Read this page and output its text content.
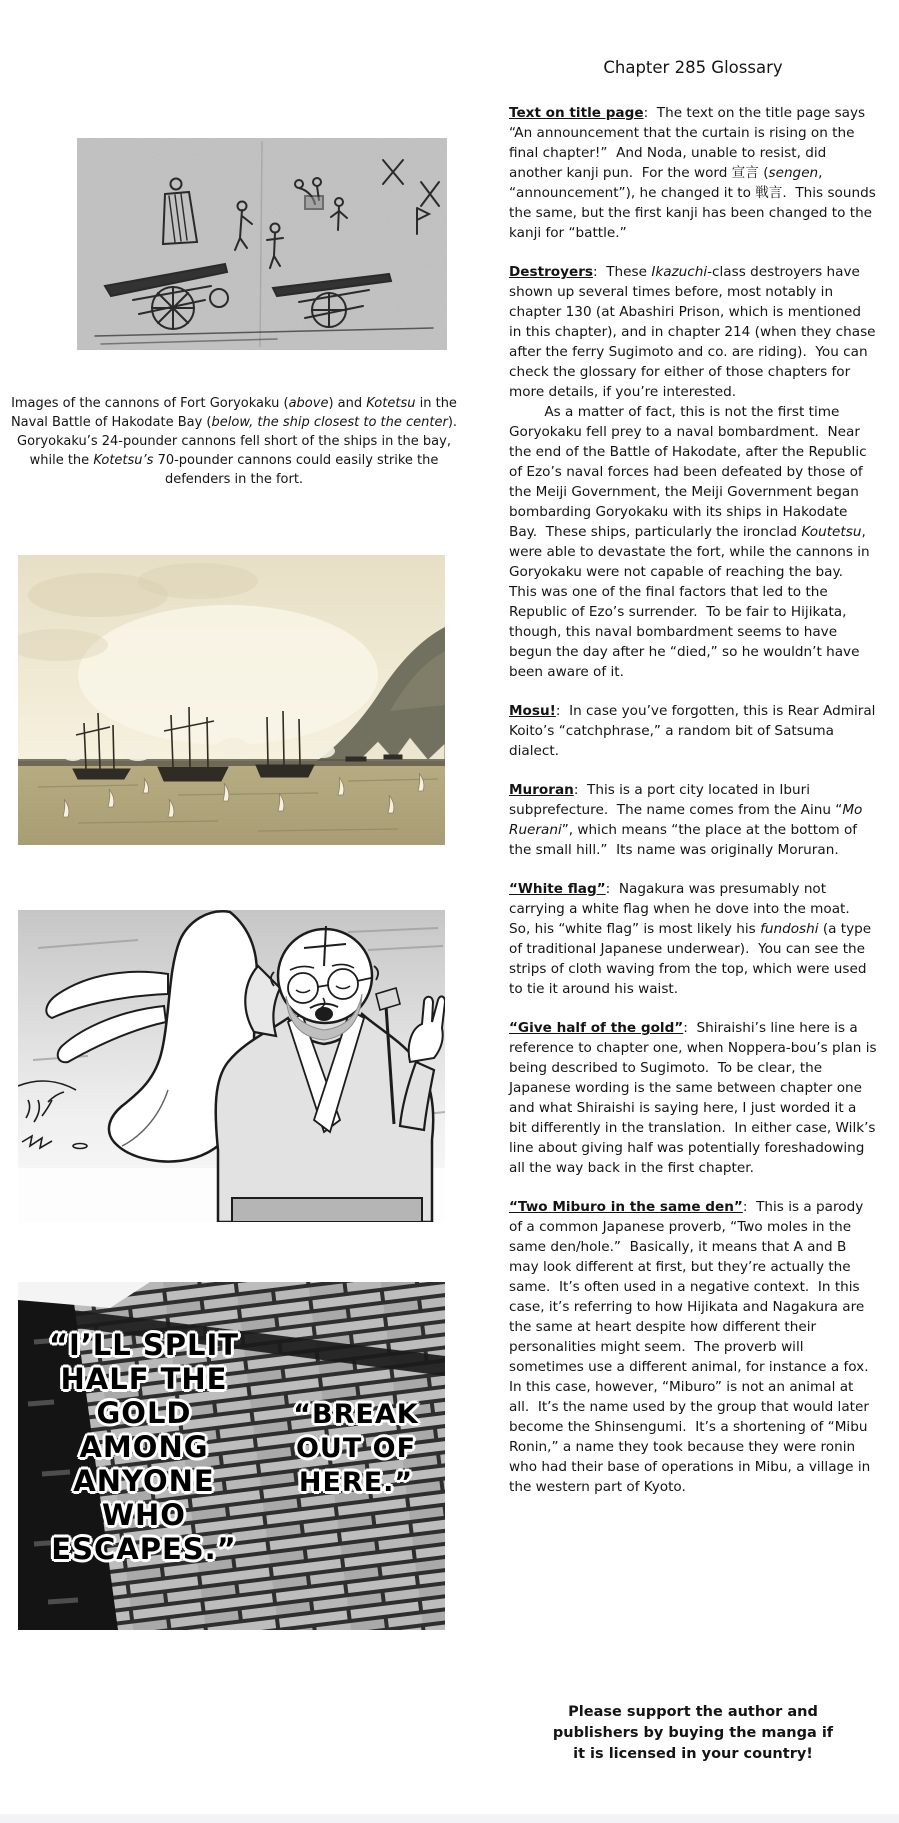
Chapter 285 Glossary
Images of the cannons of Fort Goryokaku (above) and Kotetsu in the Naval Battle of Hakodate Bay (below, the ship closest to the center).  Goryokaku’s 24-pounder cannons fell short of the ships in the bay, while the Kotetsu’s 70-pounder cannons could easily strike the defenders in the fort.
“I’LL SPLIT
HALF THE
GOLD
AMONG
ANYONE
WHO
ESCAPES.”
“BREAK
OUT OF
HERE.”

Text on title page:  The text on the title page says “An announcement that the curtain is rising on the final chapter!”  And Noda, unable to resist, did another kanji pun.  For the word 宣言 (sengen, “announcement”), he changed it to 戦言.  This sounds the same, but the first kanji has been changed to the kanji for “battle.”

Destroyers:  These Ikazuchi-class destroyers have shown up several times before, most notably in chapter 130 (at Abashiri Prison, which is mentioned in this chapter), and in chapter 214 (when they chase after the ferry Sugimoto and co. are riding).  You can check the glossary for either of those chapters for more details, if you’re interested.

As a matter of fact, this is not the first time Goryokaku fell prey to a naval bombardment.  Near the end of the Battle of Hakodate, after the Republic of Ezo’s naval forces had been defeated by those of the Meiji Government, the Meiji Government began bombarding Goryokaku with its ships in Hakodate Bay.  These ships, particularly the ironclad Koutetsu, were able to devastate the fort, while the cannons in Goryokaku were not capable of reaching the bay.  This was one of the final factors that led to the Republic of Ezo’s surrender.  To be fair to Hijikata, though, this naval bombardment seems to have begun the day after he “died,” so he wouldn’t have been aware of it.

Mosu!:  In case you’ve forgotten, this is Rear Admiral Koito’s “catchphrase,” a random bit of Satsuma dialect.

Muroran:  This is a port city located in Iburi subprefecture.  The name comes from the Ainu “Mo Ruerani”, which means “the place at the bottom of the small hill.”  Its name was originally Moruran.

“White flag”:  Nagakura was presumably not carrying a white flag when he dove into the moat.  So, his “white flag” is most likely his fundoshi (a type of traditional Japanese underwear).  You can see the strips of cloth waving from the top, which were used to tie it around his waist.

“Give half of the gold”:  Shiraishi’s line here is a reference to chapter one, when Noppera-bou’s plan is being described to Sugimoto.  To be clear, the Japanese wording is the same between chapter one and what Shiraishi is saying here, I just worded it a bit differently in the translation.  In either case, Wilk’s line about giving half was potentially foreshadowing all the way back in the first chapter.

“Two Miburo in the same den”:  This is a parody of a common Japanese proverb, “Two moles in the same den/hole.”  Basically, it means that A and B may look different at first, but they’re actually the same.  It’s often used in a negative context.  In this case, it’s referring to how Hijikata and Nagakura are the same at heart despite how different their personalities might seem.  The proverb will sometimes use a different animal, for instance a fox.  In this case, however, “Miburo” is not an animal at all.  It’s the name used by the group that would later become the Shinsengumi.  It’s a shortening of “Mibu Ronin,” a name they took because they were ronin who had their base of operations in Mibu, a village in the western part of Kyoto.

Please support the author and
publishers by buying the manga if
it is licensed in your country!
